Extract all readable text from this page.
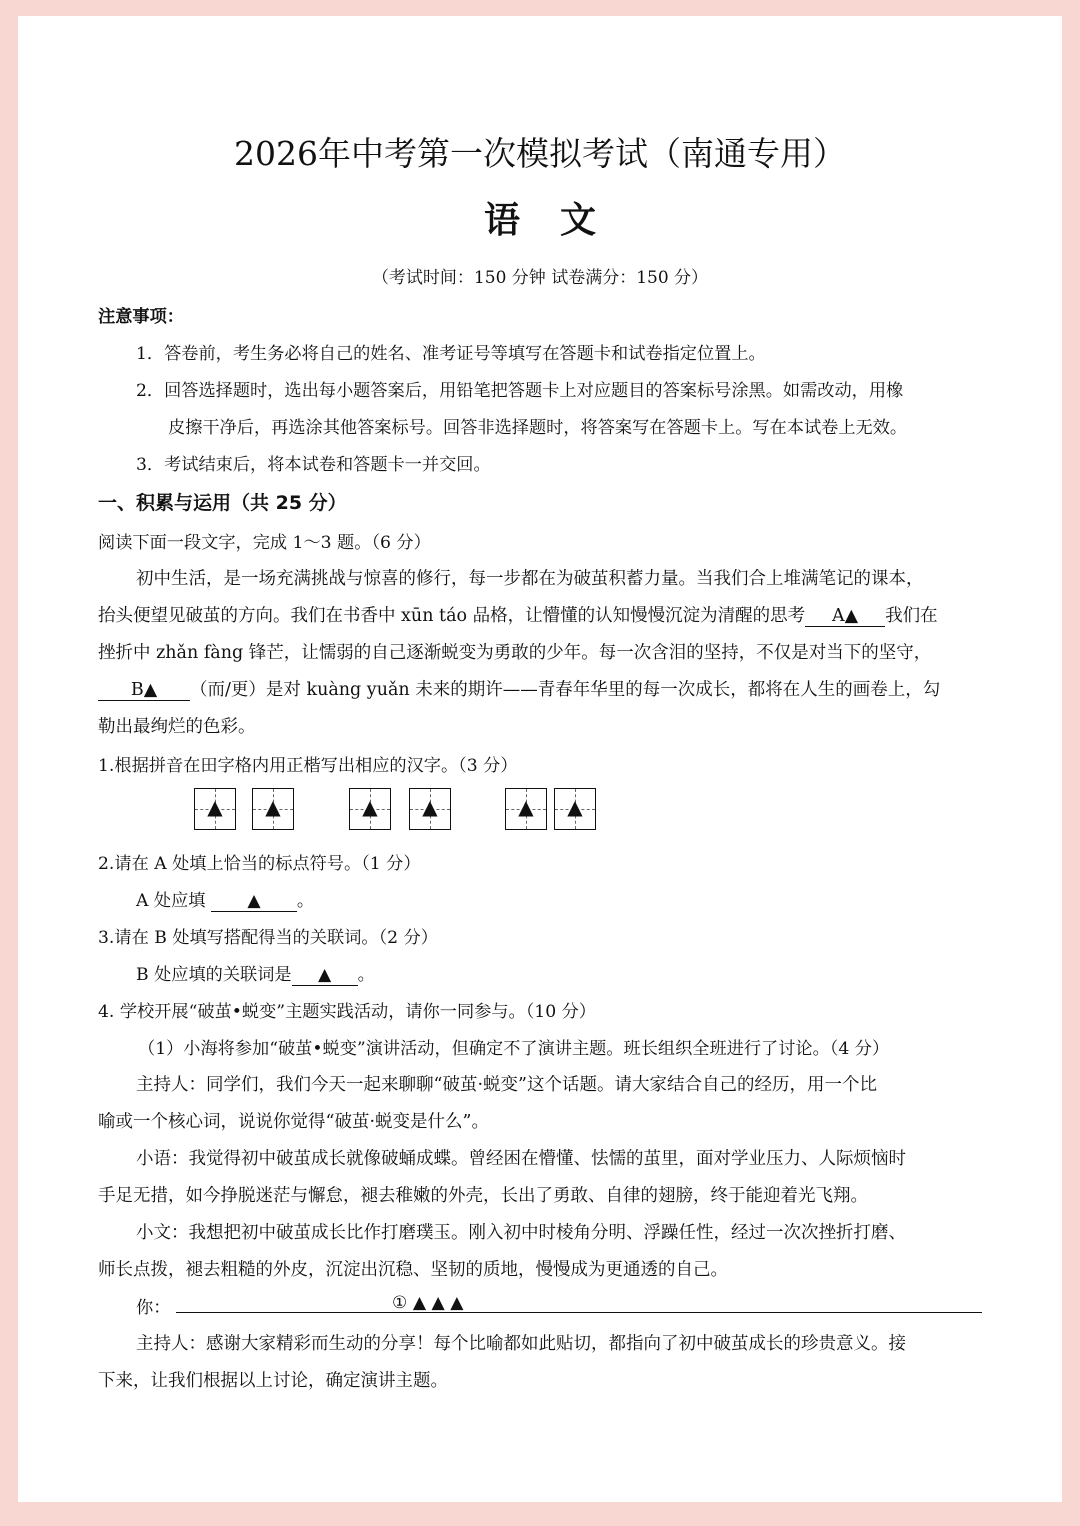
2026年中考第一次模拟考试（南通专用）
语文
（考试时间：150 分钟 试卷满分：150 分）
注意事项：
1．答卷前，考生务必将自己的姓名、准考证号等填写在答题卡和试卷指定位置上。
2．回答选择题时，选出每小题答案后，用铅笔把答题卡上对应题目的答案标号涂黑。如需改动，用橡
皮擦干净后，再选涂其他答案标号。回答非选择题时，将答案写在答题卡上。写在本试卷上无效。
3．考试结束后，将本试卷和答题卡一并交回。
一、积累与运用（共 25 分）
阅读下面一段文字，完成 1～3 题。（6 分）
初中生活，是一场充满挑战与惊喜的修行，每一步都在为破茧积蓄力量。当我们合上堆满笔记的课本，
抬头便望见破茧的方向。我们在书香中 xūn táo 品格，让懵懂的认知慢慢沉淀为清醒的思考 A▲ 我们在
挫折中 zhǎn fàng 锋芒，让懦弱的自己逐渐蜕变为勇敢的少年。每一次含泪的坚持，不仅是对当下的坚守，
B▲ （而/更）是对 kuàng yuǎn 未来的期许——青春年华里的每一次成长，都将在人生的画卷上，勾
勒出最绚烂的色彩。
1.根据拼音在田字格内用正楷写出相应的汉字。（3 分）
▲	▲	▲	▲	▲	▲
2.请在 A 处填上恰当的标点符号。（1 分）
A 处应填 ▲ 。
3.请在 B 处填写搭配得当的关联词。（2 分）
B 处应填的关联词是 ▲ 。
4. 学校开展“破茧•蜕变”主题实践活动，请你一同参与。（10 分）
（1）小海将参加“破茧•蜕变”演讲活动，但确定不了演讲主题。班长组织全班进行了讨论。（4 分）
主持人：同学们，我们今天一起来聊聊“破茧·蜕变”这个话题。请大家结合自己的经历，用一个比
喻或一个核心词，说说你觉得“破茧·蜕变是什么”。
小语：我觉得初中破茧成长就像破蛹成蝶。曾经困在懵懂、怯懦的茧里，面对学业压力、人际烦恼时
手足无措，如今挣脱迷茫与懈怠，褪去稚嫩的外壳，长出了勇敢、自律的翅膀，终于能迎着光飞翔。
小文：我想把初中破茧成长比作打磨璞玉。刚入初中时棱角分明、浮躁任性，经过一次次挫折打磨、
师长点拨，褪去粗糙的外皮，沉淀出沉稳、坚韧的质地，慢慢成为更通透的自己。
你：	① ▲ ▲ ▲
主持人：感谢大家精彩而生动的分享！每个比喻都如此贴切，都指向了初中破茧成长的珍贵意义。接
下来，让我们根据以上讨论，确定演讲主题。
